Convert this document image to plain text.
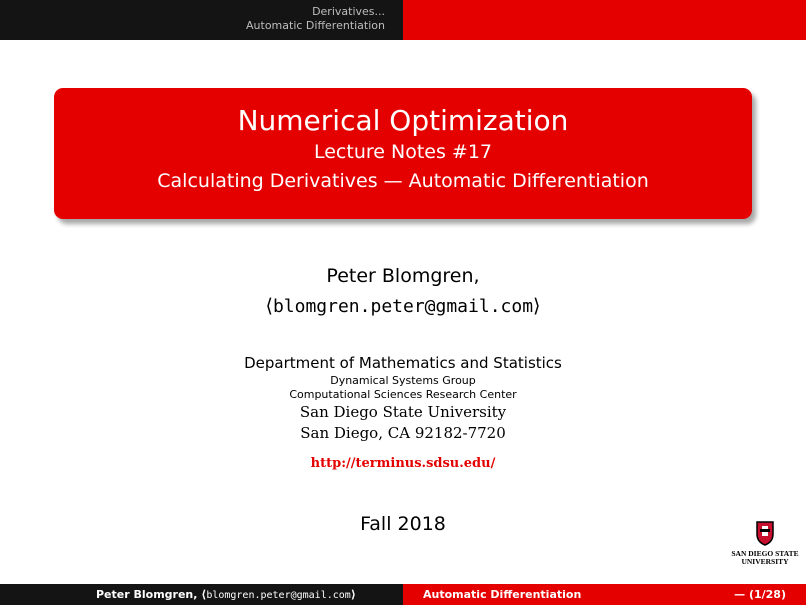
Derivatives...
Automatic Differentiation
Numerical Optimization
Lecture Notes #17
Calculating Derivatives — Automatic Differentiation
Peter Blomgren,
⟨blomgren.peter@gmail.com⟩
Department of Mathematics and Statistics
Dynamical Systems Group
Computational Sciences Research Center
San Diego State University
San Diego, CA 92182-7720
http://terminus.sdsu.edu/
Fall 2018
SAN DIEGO STATE
UNIVERSITY
Peter Blomgren, ⟨blomgren.peter@gmail.com⟩	Automatic Differentiation	— (1/28)
